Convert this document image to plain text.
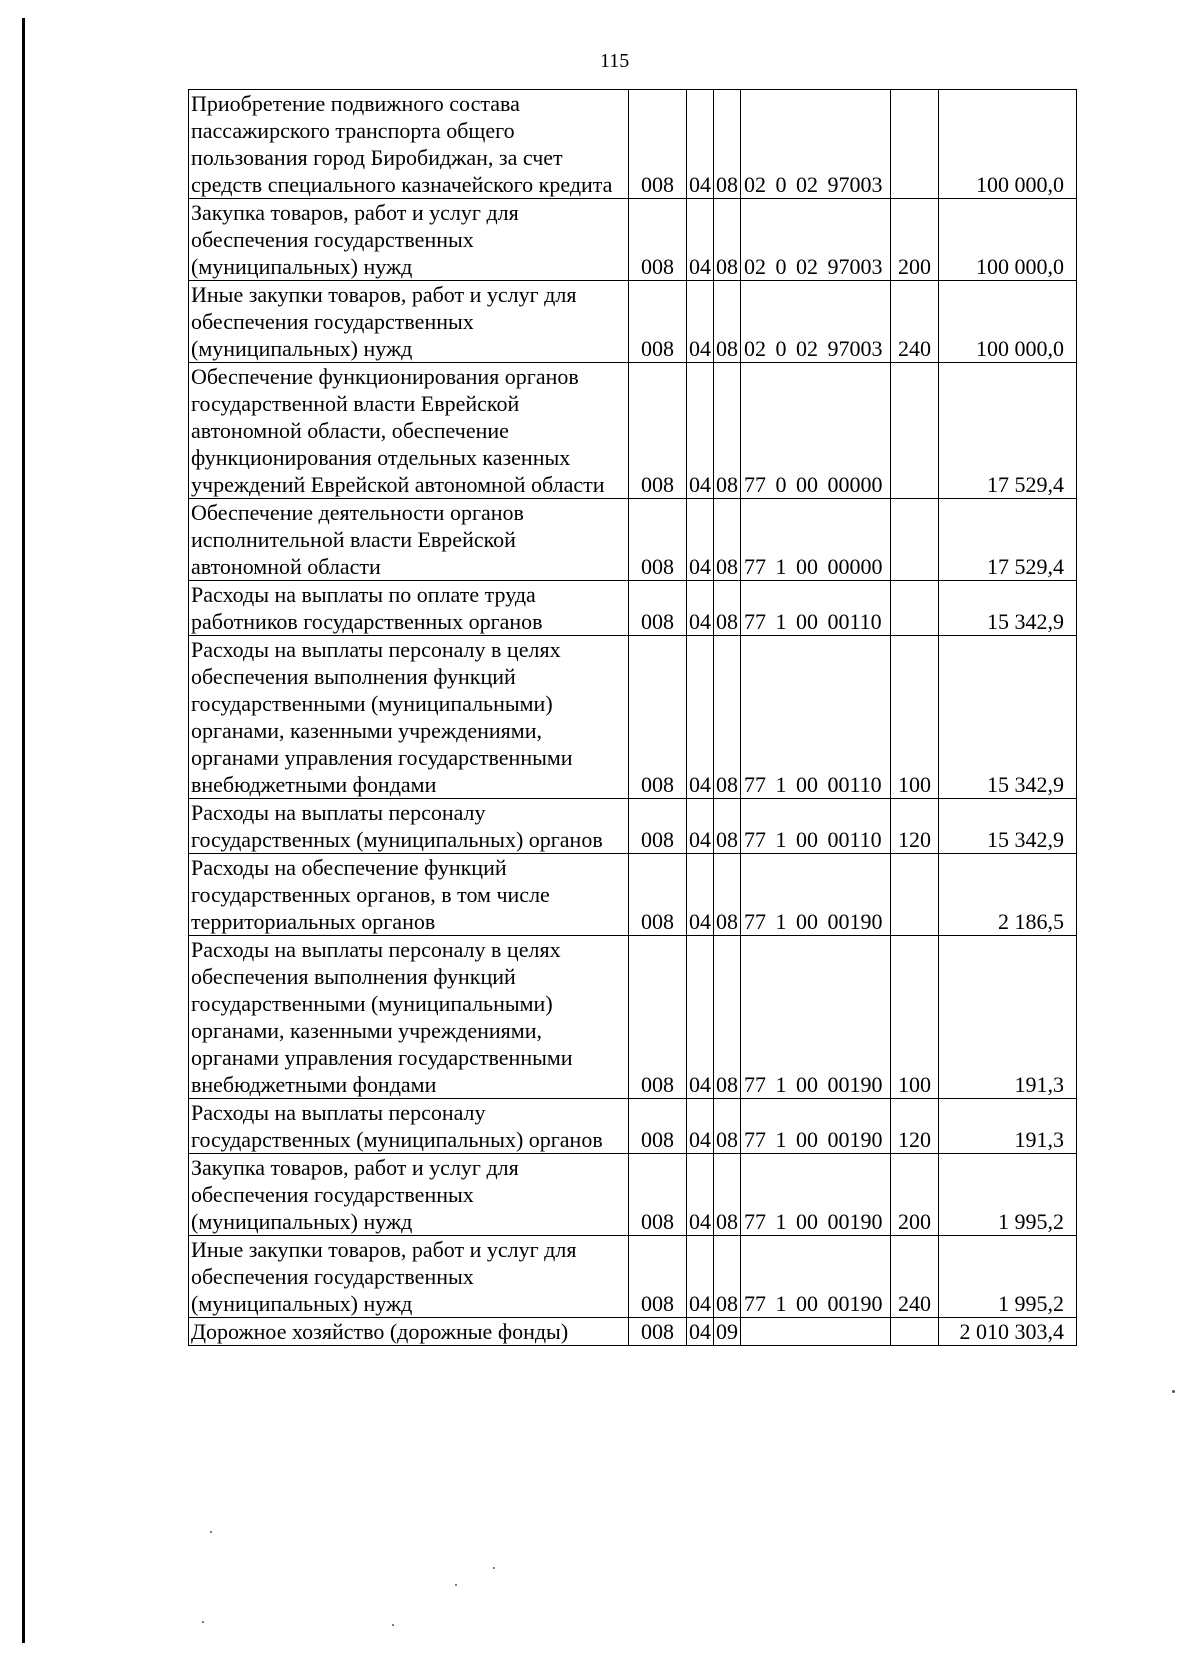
115
Приобретение подвижного состава пассажирского транспорта общего пользования город Биробиджан, за счет средств специального казначейского кредита	008	04	08	02 0 02 97003		100 000,0
Закупка товаров, работ и услуг для обеспечения государственных (муниципальных) нужд	008	04	08	02 0 02 97003	200	100 000,0
Иные закупки товаров, работ и услуг для обеспечения государственных (муниципальных) нужд	008	04	08	02 0 02 97003	240	100 000,0
Обеспечение функционирования органов государственной власти Еврейской автономной области, обеспечение функционирования отдельных казенных учреждений Еврейской автономной области	008	04	08	77 0 00 00000		17 529,4
Обеспечение деятельности органов исполнительной власти Еврейской автономной области	008	04	08	77 1 00 00000		17 529,4
Расходы на выплаты по оплате труда работников государственных органов	008	04	08	77 1 00 00110		15 342,9
Расходы на выплаты персоналу в целях обеспечения выполнения функций государственными (муниципальными) органами, казенными учреждениями, органами управления государственными внебюджетными фондами	008	04	08	77 1 00 00110	100	15 342,9
Расходы на выплаты персоналу государственных (муниципальных) органов	008	04	08	77 1 00 00110	120	15 342,9
Расходы на обеспечение функций государственных органов, в том числе территориальных органов	008	04	08	77 1 00 00190		2 186,5
Расходы на выплаты персоналу в целях обеспечения выполнения функций государственными (муниципальными) органами, казенными учреждениями, органами управления государственными внебюджетными фондами	008	04	08	77 1 00 00190	100	191,3
Расходы на выплаты персоналу государственных (муниципальных) органов	008	04	08	77 1 00 00190	120	191,3
Закупка товаров, работ и услуг для обеспечения государственных (муниципальных) нужд	008	04	08	77 1 00 00190	200	1 995,2
Иные закупки товаров, работ и услуг для обеспечения государственных (муниципальных) нужд	008	04	08	77 1 00 00190	240	1 995,2
Дорожное хозяйство (дорожные фонды)	008	04	09			2 010 303,4
